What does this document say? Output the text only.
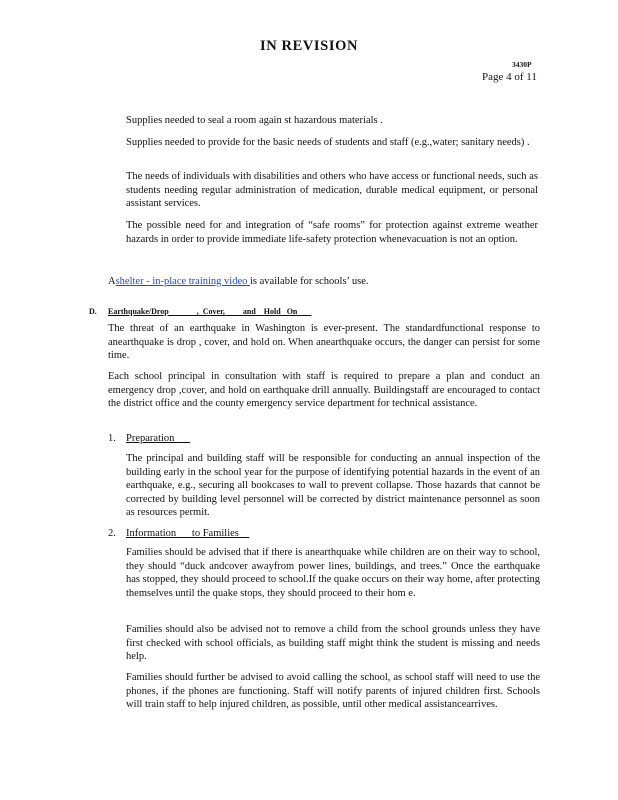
IN REVISION
3430P
Page 4 of 11
Supplies needed to seal a room again st hazardous materials .
Supplies needed to provide for the basic needs of students and staff (e.g.,water; sanitary needs) .
The needs of individuals with disabilities and others who have access or functional needs, such as students needing regular administration of medication, durable medical equipment, or personal assistant services.
The possible need for and integration of “safe rooms” for protection against extreme weather hazards in order to provide immediate life-safety protection whenevacuation is not an option.
Ashelter - in-place training video is available for schools’ use.
D. Earthquake/Drop              ,  Cover,         and    Hold   On
The threat of an earthquake in Washington is ever-present. The standardfunctional response to anearthquake is drop , cover, and hold on. When anearthquake occurs, the danger can persist for some time.
Each school principal in consultation with staff is required to prepare a plan and conduct an emergency drop ,cover, and hold on earthquake drill annually. Buildingstaff are encouraged to contact the district office and the county emergency service department for technical assistance.
1. Preparation
The principal and building staff will be responsible for conducting an annual inspection of the building early in the school year for the purpose of identifying potential hazards in the event of an earthquake, e.g., securing all bookcases to wall to prevent collapse. Those hazards that cannot be corrected by building level personnel will be corrected by district maintenance personnel as soon as resources permit.
2. Information      to Families
Families should be advised that if there is anearthquake while children are on their way to school, they should “duck andcover awayfrom power lines, buildings, and trees.” Once the earthquake has stopped, they should proceed to school.If the quake occurs on their way home, after protecting themselves until the quake stops, they should proceed to their hom e.
Families should also be advised not to remove a child from the school grounds unless they have first checked with school officials, as building staff might think the student is missing and needs help.
Families should further be advised to avoid calling the school, as school staff will need to use the phones, if the phones are functioning. Staff will notify parents of injured children first. Schools will train staff to help injured children, as possible, until other medical assistancearrives.
